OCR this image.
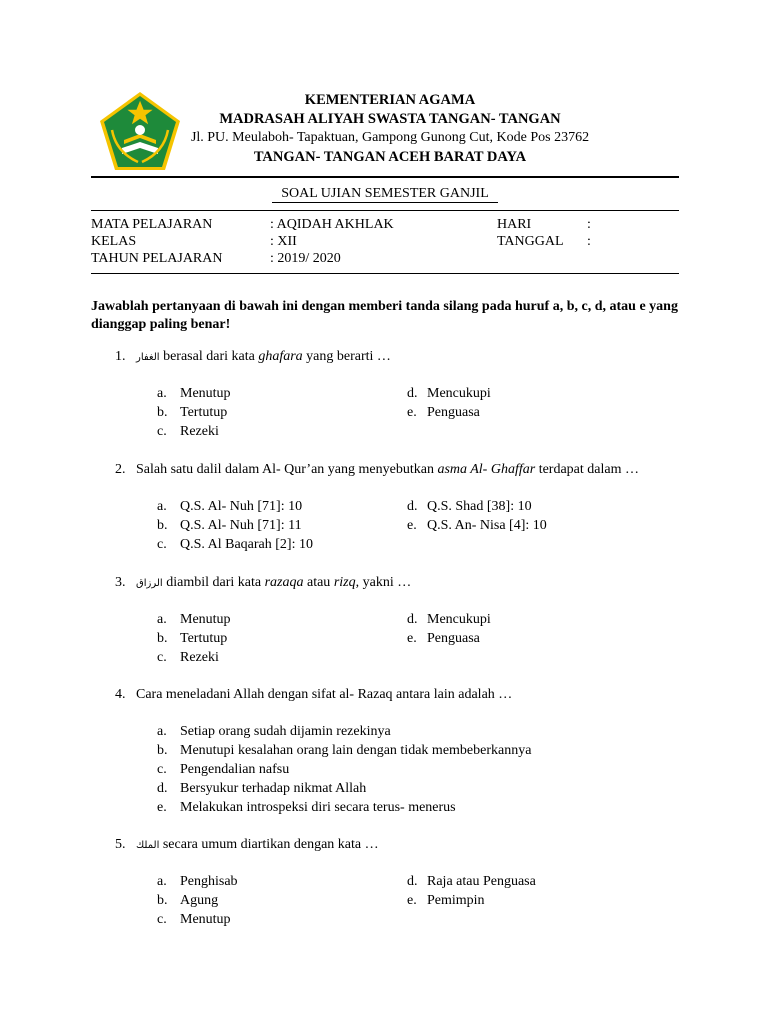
KEMENTERIAN AGAMA
MADRASAH ALIYAH SWASTA TANGAN- TANGAN
Jl. PU. Meulaboh- Tapaktuan, Gampong Gunong Cut, Kode Pos 23762
TANGAN- TANGAN ACEH BARAT DAYA
SOAL UJIAN SEMESTER GANJIL
MATA PELAJARAN	: AQIDAH AKHLAK	HARI	:
KELAS	: XII	TANGGAL :
TAHUN PELAJARAN	: 2019/ 2020
Jawablah pertanyaan di bawah ini dengan memberi tanda silang pada huruf a, b, c, d, atau e yang dianggap paling benar!
1. الغفار berasal dari kata ghafara yang berarti …
a. Menutup
b. Tertutup
c. Rezeki
d. Mencukupi
e. Penguasa
2. Salah satu dalil dalam Al- Qur’an yang menyebutkan asma Al- Ghaffar terdapat dalam …
a. Q.S. Al- Nuh [71]: 10
b. Q.S. Al- Nuh [71]: 11
c. Q.S. Al Baqarah [2]: 10
d. Q.S. Shad [38]: 10
e. Q.S. An- Nisa [4]: 10
3. الرزاق diambil dari kata razaqa atau rizq, yakni …
a. Menutup
b. Tertutup
c. Rezeki
d. Mencukupi
e. Penguasa
4. Cara meneladani Allah dengan sifat al- Razaq antara lain adalah …
a. Setiap orang sudah dijamin rezekinya
b. Menutupi kesalahan orang lain dengan tidak membeberkannya
c. Pengendalian nafsu
d. Bersyukur terhadap nikmat Allah
e. Melakukan introspeksi diri secara terus- menerus
5. الملك secara umum diartikan dengan kata …
a. Penghisab
b. Agung
c. Menutup
d. Raja atau Penguasa
e. Pemimpin
